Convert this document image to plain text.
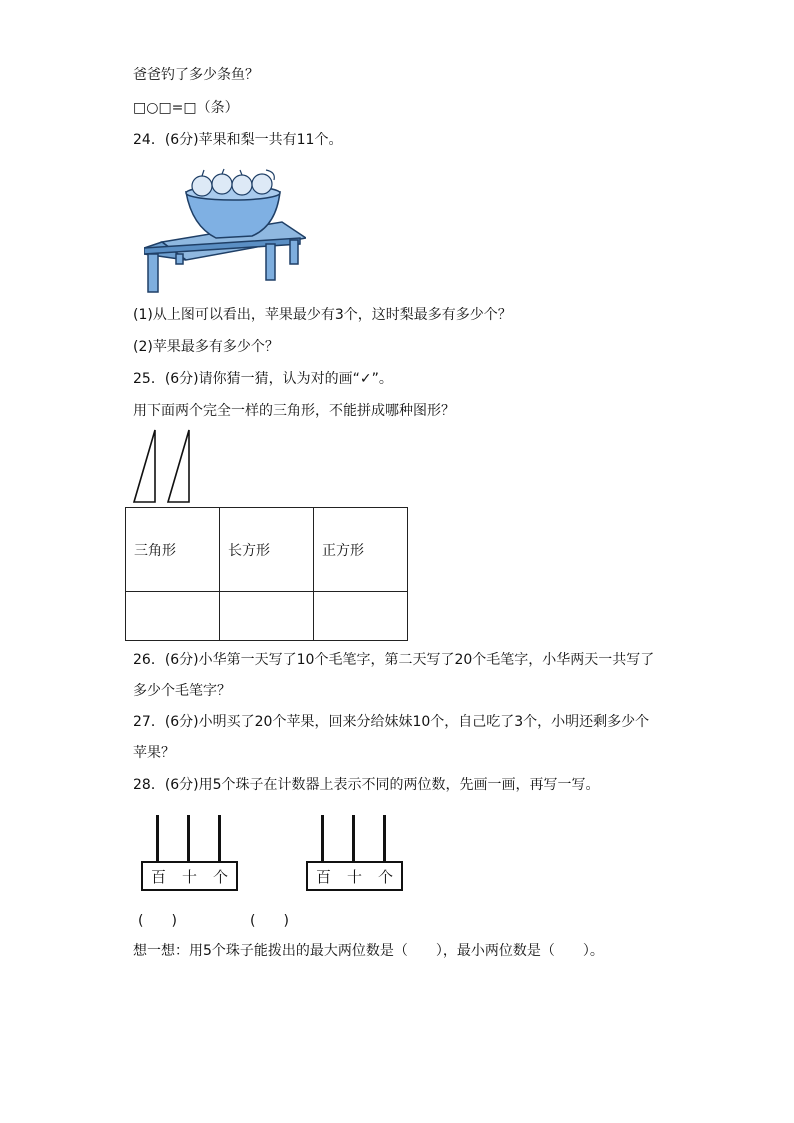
爸爸钓了多少条鱼？
□○□=□（条）
24．(6分)苹果和梨一共有11个。
(1)从上图可以看出，苹果最少有3个，这时梨最多有多少个？
(2)苹果最多有多少个？
25．(6分)请你猜一猜，认为对的画“✓”。
用下面两个完全一样的三角形，不能拼成哪种图形？
三角形	长方形	正方形

26．(6分)小华第一天写了10个毛笔字，第二天写了20个毛笔字，小华两天一共写了
多少个毛笔字？
27．(6分)小明买了20个苹果，回来分给妹妹10个，自己吃了3个，小明还剩多少个
苹果？
28．(6分)用5个珠子在计数器上表示不同的两位数，先画一画，再写一写。
百 十 个	百 十 个
(　　)	(　　)
想一想：用5个珠子能拨出的最大两位数是（　　），最小两位数是（　　）。
